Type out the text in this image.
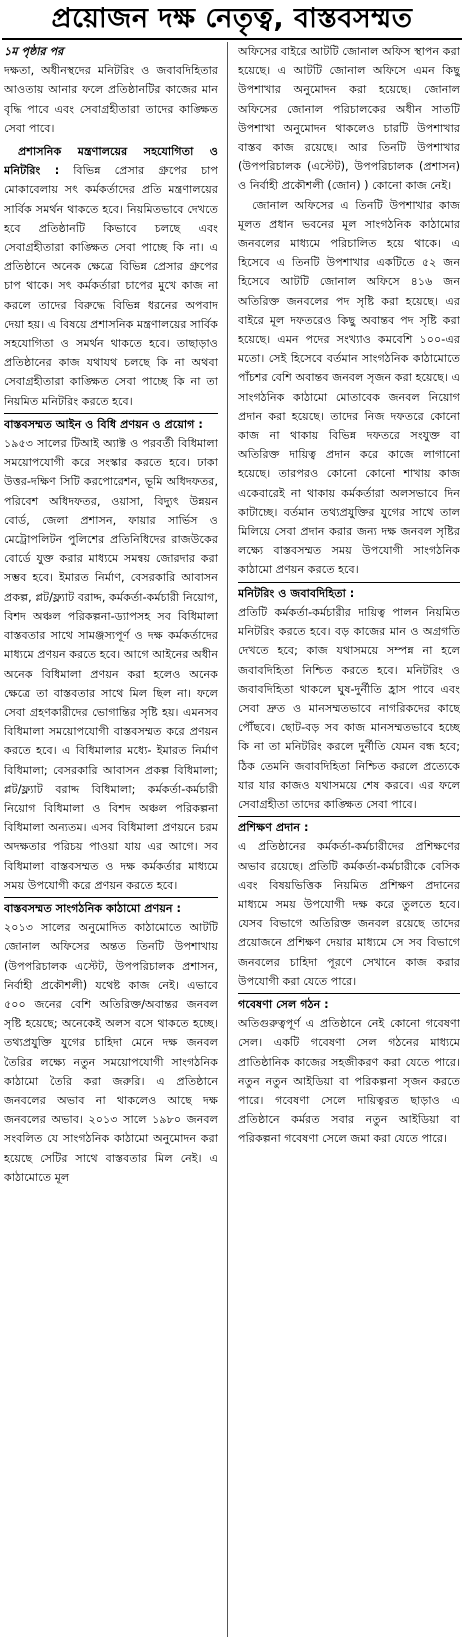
প্রয়োজন দক্ষ নেতৃত্ব, বাস্তবসম্মত

১ম পৃষ্ঠার পর

দক্ষতা, অধীনস্থদের মনিটরিং ও জবাবদিহিতার আওতায় আনার ফলে প্রতিষ্ঠানটির কাজের মান বৃদ্ধি পাবে এবং সেবাগ্রহীতারা তাদের কাঙ্ক্ষিত সেবা পাবে।

প্রশাসনিক মন্ত্রণালয়ের সহযোগিতা ও মনিটরিং : বিভিন্ন প্রেসার গ্রুপের চাপ মোকাবেলায় সৎ কর্মকর্তাদের প্রতি মন্ত্রণালয়ের সার্বিক সমর্থন থাকতে হবে। নিয়মিতভাবে দেখতে হবে প্রতিষ্ঠানটি কিভাবে চলছে এবং সেবাগ্রহীতারা কাঙ্ক্ষিত সেবা পাচ্ছে কি না। এ প্রতিষ্ঠানে অনেক ক্ষেত্রে বিভিন্ন প্রেসার গ্রুপের চাপ থাকে। সৎ কর্মকর্তারা চাপের মুখে কাজ না করলে তাদের বিরুদ্ধে বিভিন্ন ধরনের অপবাদ দেয়া হয়। এ বিষয়ে প্রশাসনিক মন্ত্রণালয়ের সার্বিক সহযোগিতা ও সমর্থন থাকতে হবে। তাছাড়াও প্রতিষ্ঠানের কাজ যথাযথ চলছে কি না অথবা সেবাগ্রহীতারা কাঙ্ক্ষিত সেবা পাচ্ছে কি না তা নিয়মিত মনিটরিং করতে হবে।

বাস্তবসম্মত আইন ও বিধি প্রণয়ন ও প্রয়োগ :
১৯৫৩ সালের টিআই অ্যাক্ট ও পরবর্তী বিধিমালা সময়োপযোগী করে সংস্কার করতে হবে। ঢাকা উত্তর-দক্ষিণ সিটি করপোরেশন, ভূমি অধিদফতর, পরিবেশ অধিদফতর, ওয়াসা, বিদ্যুৎ উন্নয়ন বোর্ড, জেলা প্রশাসন, ফায়ার সার্ভিস ও মেট্রোপলিটন পুলিশের প্রতিনিধিদের রাজউকের বোর্ডে যুক্ত করার মাধ্যমে সমন্বয় জোরদার করা সম্ভব হবে। ইমারত নির্মাণ, বেসরকারি আবাসন প্রকল্প, প্লট/ফ্ল্যাট বরাদ্দ, কর্মকর্তা-কর্মচারী নিয়োগ, বিশদ অঞ্চল পরিকল্পনা-ড্যাপসহ সব বিধিমালা বাস্তবতার সাথে সামঞ্জস্যপূর্ণ ও দক্ষ কর্মকর্তাদের মাধ্যমে প্রণয়ন করতে হবে। আগে আইনের অধীন অনেক বিধিমালা প্রণয়ন করা হলেও অনেক ক্ষেত্রে তা বাস্তবতার সাথে মিল ছিল না। ফলে সেবা গ্রহণকারীদের ভোগান্তির সৃষ্টি হয়। এমনসব বিধিমালা সময়োপযোগী বাস্তবসম্মত করে প্রণয়ন করতে হবে। এ বিধিমালার মধ্যে- ইমারত নির্মাণ বিধিমালা; বেসরকারি আবাসন প্রকল্প বিধিমালা; প্লট/ফ্ল্যাট বরাদ্দ বিধিমালা; কর্মকর্তা-কর্মচারী নিয়োগ বিধিমালা ও বিশদ অঞ্চল পরিকল্পনা বিধিমালা অন্যতম। এসব বিধিমালা প্রণয়নে চরম অদক্ষতার পরিচয় পাওয়া যায় এর আগে। সব বিধিমালা বাস্তবসম্মত ও দক্ষ কর্মকর্তার মাধ্যমে সময় উপযোগী করে প্রণয়ন করতে হবে।

বাস্তবসম্মত সাংগঠনিক কাঠামো প্রণয়ন :
২০১৩ সালের অনুমোদিত কাঠামোতে আটটি জোনাল অফিসের অন্তত তিনটি উপশাখায় (উপপরিচালক এস্টেট, উপপরিচালক প্রশাসন, নির্বাহী প্রকৌশলী) যথেষ্ট কাজ নেই। এভাবে ৫০০ জনের বেশি অতিরিক্ত/অবান্তর জনবল সৃষ্টি হয়েছে; অনেকেই অলস বসে থাকতে হচ্ছে। তথ্যপ্রযুক্তি যুগের চাহিদা মেনে দক্ষ জনবল তৈরির লক্ষ্যে নতুন সময়োপযোগী সাংগঠনিক কাঠামো তৈরি করা জরুরি। এ প্রতিষ্ঠানে জনবলের অভাব না থাকলেও আছে দক্ষ জনবলের অভাব। ২০১৩ সালে ১৯৮০ জনবল সংবলিত যে সাংগঠনিক কাঠামো অনুমোদন করা হয়েছে সেটির সাথে বাস্তবতার মিল নেই। এ কাঠামোতে মূল

অফিসের বাইরে আটটি জোনাল অফিস স্থাপন করা হয়েছে। এ আটটি জোনাল অফিসে এমন কিছু উপশাখার অনুমোদন করা হয়েছে। জোনাল অফিসের জোনাল পরিচালকের অধীন সাতটি উপশাখা অনুমোদন থাকলেও চারটি উপশাখার বাস্তব কাজ রয়েছে। আর তিনটি উপশাখার (উপপরিচালক (এস্টেট), উপপরিচালক (প্রশাসন) ও নির্বাহী প্রকৌশলী (জোন) ) কোনো কাজ নেই।

জোনাল অফিসের এ তিনটি উপশাখার কাজ মূলত প্রধান ভবনের মূল সাংগঠনিক কাঠামোর জনবলের মাধ্যমে পরিচালিত হয়ে থাকে। এ হিসেবে এ তিনটি উপশাখার একটিতে ৫২ জন হিসেবে আটটি জোনাল অফিসে ৪১৬ জন অতিরিক্ত জনবলের পদ সৃষ্টি করা হয়েছে। এর বাইরে মূল দফতরেও কিছু অবান্তব পদ সৃষ্টি করা হয়েছে। এমন পদের সংখ্যাও কমবেশি ১০০-এর মতো। সেই হিসেবে বর্তমান সাংগঠনিক কাঠামোতে পাঁচশর বেশি অবান্তব জনবল সৃজন করা হয়েছে। এ সাংগঠনিক কাঠামো মোতাবেক জনবল নিয়োগ প্রদান করা হয়েছে। তাদের নিজ দফতরে কোনো কাজ না থাকায় বিভিন্ন দফতরে সংযুক্ত বা অতিরিক্ত দায়িত্ব প্রদান করে কাজে লাগানো হয়েছে। তারপরও কোনো কোনো শাখায় কাজ একেবারেই না থাকায় কর্মকর্তারা অলসভাবে দিন কাটাচ্ছে। বর্তমান তথ্যপ্রযুক্তির যুগের সাথে তাল মিলিয়ে সেবা প্রদান করার জন্য দক্ষ জনবল সৃষ্টির লক্ষ্যে বাস্তবসম্মত সময় উপযোগী সাংগঠনিক কাঠামো প্রণয়ন করতে হবে।

মনিটরিং ও জবাবদিহিতা :
প্রতিটি কর্মকর্তা-কর্মচারীর দায়িত্ব পালন নিয়মিত মনিটরিং করতে হবে। বড় কাজের মান ও অগ্রগতি দেখতে হবে; কাজ যথাসময়ে সম্পন্ন না হলে জবাবদিহিতা নিশ্চিত করতে হবে। মনিটরিং ও জবাবদিহিতা থাকলে ঘুষ-দুর্নীতি হ্রাস পাবে এবং সেবা দ্রুত ও মানসম্মতভাবে নাগরিকদের কাছে পৌঁছবে। ছোট-বড় সব কাজ মানসম্মতভাবে হচ্ছে কি না তা মনিটরিং করলে দুর্নীতি যেমন বন্ধ হবে; ঠিক তেমনি জবাবদিহিতা নিশ্চিত করলে প্রত্যেকে যার যার কাজও যথাসময়ে শেষ করবে। এর ফলে সেবাগ্রহীতা তাদের কাঙ্ক্ষিত সেবা পাবে।

প্রশিক্ষণ প্রদান :
এ প্রতিষ্ঠানের কর্মকর্তা-কর্মচারীদের প্রশিক্ষণের অভাব রয়েছে। প্রতিটি কর্মকর্তা-কর্মচারীকে বেসিক এবং বিষয়ভিত্তিক নিয়মিত প্রশিক্ষণ প্রদানের মাধ্যমে সময় উপযোগী দক্ষ করে তুলতে হবে। যেসব বিভাগে অতিরিক্ত জনবল রয়েছে তাদের প্রয়োজনে প্রশিক্ষণ দেয়ার মাধ্যমে সে সব বিভাগে জনবলের চাহিদা পূরণে সেখানে কাজ করার উপযোগী করা যেতে পারে।

গবেষণা সেল গঠন :
অতিগুরুত্বপূর্ণ এ প্রতিষ্ঠানে নেই কোনো গবেষণা সেল। একটি গবেষণা সেল গঠনের মাধ্যমে প্রাতিষ্ঠানিক কাজের সহজীকরণ করা যেতে পারে। নতুন নতুন আইডিয়া বা পরিকল্পনা সৃজন করতে পারে। গবেষণা সেলে দায়িত্বরত ছাড়াও এ প্রতিষ্ঠানে কর্মরত সবার নতুন আইডিয়া বা পরিকল্পনা গবেষণা সেলে জমা করা যেতে পারে।
